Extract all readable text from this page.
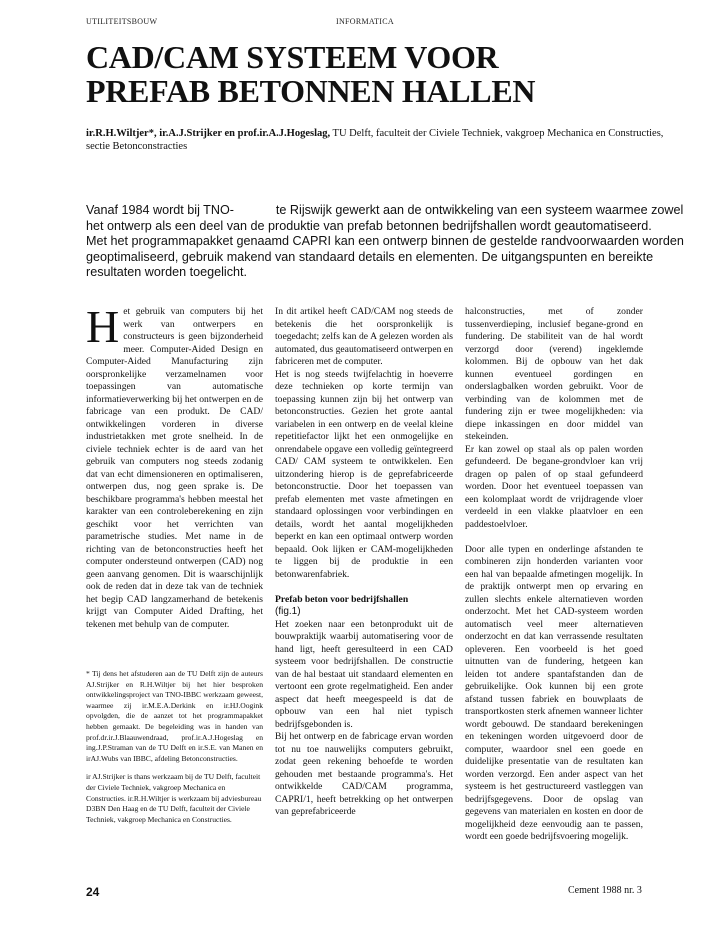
UTILITEITSBOUW	INFORMATICA
CAD/CAM SYSTEEM VOOR
PREFAB BETONNEN HALLEN

ir.R.H.Wiltjer*, ir.A.J.Strijker en prof.ir.A.J.Hogeslag, TU Delft, faculteit der Civiele Techniek, vakgroep Mechanica en Constructies, sectie Betonconstracties

Vanaf 1984 wordt bij TNO-            te Rijswijk gewerkt aan de ontwikkeling van een systeem waarmee zowel het ontwerp als een deel van de produktie van prefab betonnen bedrijfshallen wordt geautomatiseerd.

Met het programmapakket genaamd CAPRI kan een ontwerp binnen de gestelde randvoorwaarden worden geoptimaliseerd, gebruik makend van standaard details en elementen. De uitgangspunten en bereikte resultaten worden toegelicht.

Het gebruik van computers bij het werk van ontwerpers en constructeurs is geen bijzonderheid meer. Computer-Aided Design en Computer-Aided Manufacturing zijn oorspronkelijke verzamelnamen voor toepassingen van automatische informatieverwerking bij het ontwerpen en de fabricage van een produkt. De CAD/ ontwikkelingen vorderen in diverse industrietakken met grote snelheid. In de civiele techniek echter is de aard van het gebruik van computers nog steeds zodanig dat van echt dimensioneren en optimaliseren, ontwerpen dus, nog geen sprake is. De beschikbare programma's hebben meestal het karakter van een controleberekening en zijn geschikt voor het verrichten van parametrische studies. Met name in de richting van de betonconstructies heeft het computer ondersteund ontwerpen (CAD) nog geen aanvang genomen. Dit is waarschijnlijk ook de reden dat in deze tak van de techniek het begip CAD langzamerhand de betekenis krijgt van Computer Aided Drafting, het tekenen met behulp van de computer.

* Tij dens het afstuderen aan de TU Delft zijn de auteurs AJ.Strijker en R.H.Wiltjer bij het hier besproken ontwikkelingsproject van TNO-IBBC werkzaam geweest, waarmee zij ir.M.E.A.Derkink en ir.HJ.Oogink opvolgden, die de aanzet tot het programmapakket hebben gemaakt. De begeleiding was in handen van prof.dr.ir.J.Blaauwendraad, prof.ir.A.J.Hogeslag en ing.J.P.Straman van de TU Delft en ir.S.E. van Manen en irAJ.Wubs van IBBC, afdeling Betonconstructies.

ir AJ.Strijker is thans werkzaam bij de TU Delft, faculteit der Civiele Techniek, vakgroep Mechanica en Constructies. ir.R.H.Wiltjer is werkzaam bij adviesbureau D3BN Den Haag en de TU Delft, faculteit der Civiele Techniek, vakgroep Mechanica en Constructies.

In dit artikel heeft CAD/CAM nog steeds de betekenis die het oorspronkelijk is toegedacht; zelfs kan de A gelezen worden als automated, dus geautomatiseerd ontwerpen en fabriceren met de computer.

Het is nog steeds twijfelachtig in hoeverre deze technieken op korte termijn van toepassing kunnen zijn bij het ontwerp van betonconstructies. Gezien het grote aantal variabelen in een ontwerp en de veelal kleine repetitiefactor lijkt het een onmogelijke en onrendabele opgave een volledig geïntegreerd CAD/ CAM systeem te ontwikkelen. Een uitzondering hierop is de geprefabriceerde betonconstructie. Door het toepassen van prefab elementen met vaste afmetingen en standaard oplossingen voor verbindingen en details, wordt het aantal mogelijkheden beperkt en kan een optimaal ontwerp worden bepaald. Ook lijken er CAM-mogelijkheden te liggen bij de produktie in een betonwarenfabriek.

Prefab beton voor bedrijfshallen

(fig.1)

Het zoeken naar een betonprodukt uit de bouwpraktijk waarbij automatisering voor de hand ligt, heeft geresulteerd in een CAD systeem voor bedrijfshallen. De constructie van de hal bestaat uit standaard elementen en vertoont een grote regelmatigheid. Een ander aspect dat heeft meegespeeld is dat de opbouw van een hal niet typisch bedrijfsgebonden is.

Bij het ontwerp en de fabricage ervan worden tot nu toe nauwelijks computers gebruikt, zodat geen rekening behoefde te worden gehouden met bestaande programma's. Het ontwikkelde CAD/CAM programma, CAPRI/1, heeft betrekking op het ontwerpen van geprefabriceerde

halconstructies, met of zonder tussenverdieping, inclusief begane-grond en fundering. De stabiliteit van de hal wordt verzorgd door (verend) ingeklemde kolommen. Bij de opbouw van het dak kunnen eventueel gordingen en onderslagbalken worden gebruikt. Voor de verbinding van de kolommen met de fundering zijn er twee mogelijkheden: via diepe inkassingen en door middel van stekeinden.

Er kan zowel op staal als op palen worden gefundeerd. De begane-grondvloer kan vrij dragen op palen of op staal gefundeerd worden. Door het eventueel toepassen van een kolomplaat wordt de vrijdragende vloer verdeeld in een vlakke plaatvloer en een paddestoelvloer.

Door alle typen en onderlinge afstanden te combineren zijn honderden varianten voor een hal van bepaalde afmetingen mogelijk. In de praktijk ontwerpt men op ervaring en zullen slechts enkele alternatieven worden onderzocht. Met het CAD-systeem worden automatisch veel meer alternatieven onderzocht en dat kan verrassende resultaten opleveren. Een voorbeeld is het goed uitnutten van de fundering, hetgeen kan leiden tot andere spantafstanden dan de gebruikelijke. Ook kunnen bij een grote afstand tussen fabriek en bouwplaats de transportkosten sterk afnemen wanneer lichter wordt gebouwd. De standaard berekeningen en tekeningen worden uitgevoerd door de computer, waardoor snel een goede en duidelijke presentatie van de resultaten kan worden verzorgd. Een ander aspect van het systeem is het gestructureerd vastleggen van bedrijfsgegevens. Door de opslag van gegevens van materialen en kosten en door de mogelijkheid deze eenvoudig aan te passen, wordt een goede bedrijfsvoering mogelijk.

24	Cement 1988 nr. 3
